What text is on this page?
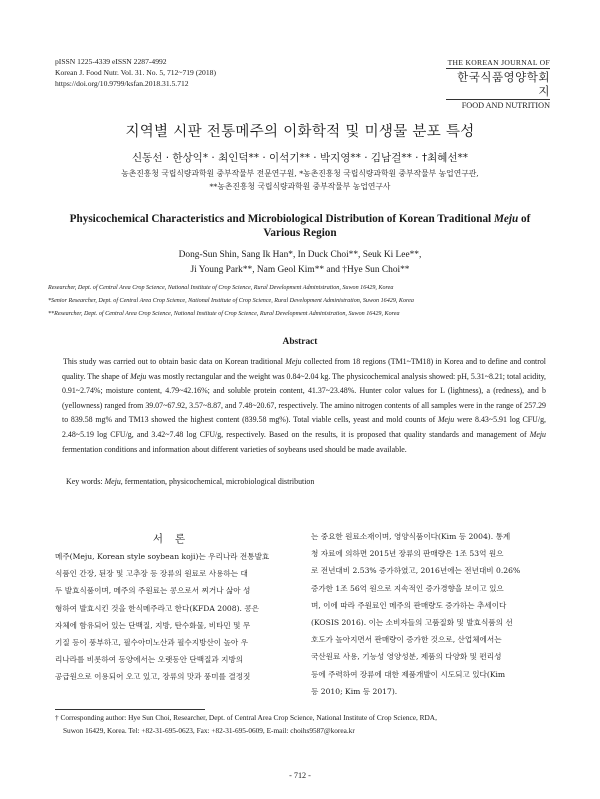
pISSN 1225-4339 eISSN 2287-4992
Korean J. Food Nutr. Vol. 31. No. 5, 712~719 (2018)
https://doi.org/10.9799/ksfan.2018.31.5.712
THE KOREAN JOURNAL OF
한국식품영양학회지
FOOD AND NUTRITION
지역별 시판 전통메주의 이화학적 및 미생물 분포 특성
신동선 · 한상익* · 최인덕** · 이석기** · 박지영** · 김남걸** · †최혜선**
농촌진흥청 국립식량과학원 중부작물부 전문연구원, *농촌진흥청 국립식량과학원 중부작물부 농업연구관,
**농촌진흥청 국립식량과학원 중부작물부 농업연구사
Physicochemical Characteristics and Microbiological Distribution of Korean Traditional Meju of
Various Region
Dong-Sun Shin, Sang Ik Han*, In Duck Choi**, Seuk Ki Lee**,
Ji Young Park**, Nam Geol Kim** and †Hye Sun Choi**
Researcher, Dept. of Central Area Crop Science, National Institute of Crop Science, Rural Development Administration, Suwon 16429, Korea
*Senior Researcher, Dept. of Central Area Crop Science, National Institute of Crop Science, Rural Development Administration, Suwon 16429, Korea
**Researcher, Dept. of Central Area Crop Science, National Institute of Crop Science, Rural Development Administration, Suwon 16429, Korea
Abstract
This study was carried out to obtain basic data on Korean traditional Meju collected from 18 regions (TM1~TM18) in Korea and to define and control quality. The shape of Meju was mostly rectangular and the weight was 0.84~2.04 kg. The physicochemical analysis showed: pH, 5.31~8.21; total acidity, 0.91~2.74%; moisture content, 4.79~42.16%; and soluble protein content, 41.37~23.48%. Hunter color values for L (lightness), a (redness), and b (yellowness) ranged from 39.07~67.92, 3.57~8.87, and 7.48~20.67, respectively. The amino nitrogen contents of all samples were in the range of 257.29 to 839.58 mg% and TM13 showed the highest content (839.58 mg%). Total viable cells, yeast and mold counts of Meju were 8.43~5.91 log CFU/g, 2.48~5.19 log CFU/g, and 3.42~7.48 log CFU/g, respectively. Based on the results, it is proposed that quality standards and management of Meju fermentation conditions and information about different varieties of soybeans used should be made available.
Key words: Meju, fermentation, physicochemical, microbiological distribution
서론
메주(Meju, Korean style soybean koji)는 우리나라 전통발효
식품인 간장, 된장 및 고추장 등 장류의 원료로 사용하는 대
두 발효식품이며, 메주의 주원료는 콩으로서 찌거나 삶아 성
형하여 발효시킨 것을 한식메주라고 한다(KFDA 2008). 콩은
자체에 함유되어 있는 단백질, 지방, 탄수화물, 비타민 및 무
기질 등이 풍부하고, 필수아미노산과 필수지방산이 높아 우
리나라를 비롯하여 동양에서는 오랫동안 단백질과 지방의
공급원으로 이용되어 오고 있고, 장류의 맛과 풍미를 결정짓
는 중요한 원료소재이며, 영양식품이다(Kim 등 2004). 통계
청 자료에 의하면 2015년 장류의 판매량은 1조 53억 원으
로 전년대비 2.53% 증가하였고, 2016년에는 전년대비 0.26%
증가한 1조 56억 원으로 지속적인 증가경향을 보이고 있으
며, 이에 따라 주원료인 메주의 판매량도 증가하는 추세이다
(KOSIS 2016). 이는 소비자들의 고품질화 및 발효식품의 선
호도가 높아지면서 판매량이 증가한 것으로, 산업체에서는
국산원료 사용, 기능성 영양성분, 제품의 다양화 및 편리성
등에 주력하여 장류에 대한 제품개발이 시도되고 있다(Kim
등 2010; Kim 등 2017).
† Corresponding author: Hye Sun Choi, Researcher, Dept. of Central Area Crop Science, National Institute of Crop Science, RDA,
Suwon 16429, Korea. Tel: +82-31-695-0623, Fax: +82-31-695-0609, E-mail: choihs9587@korea.kr
- 712 -
